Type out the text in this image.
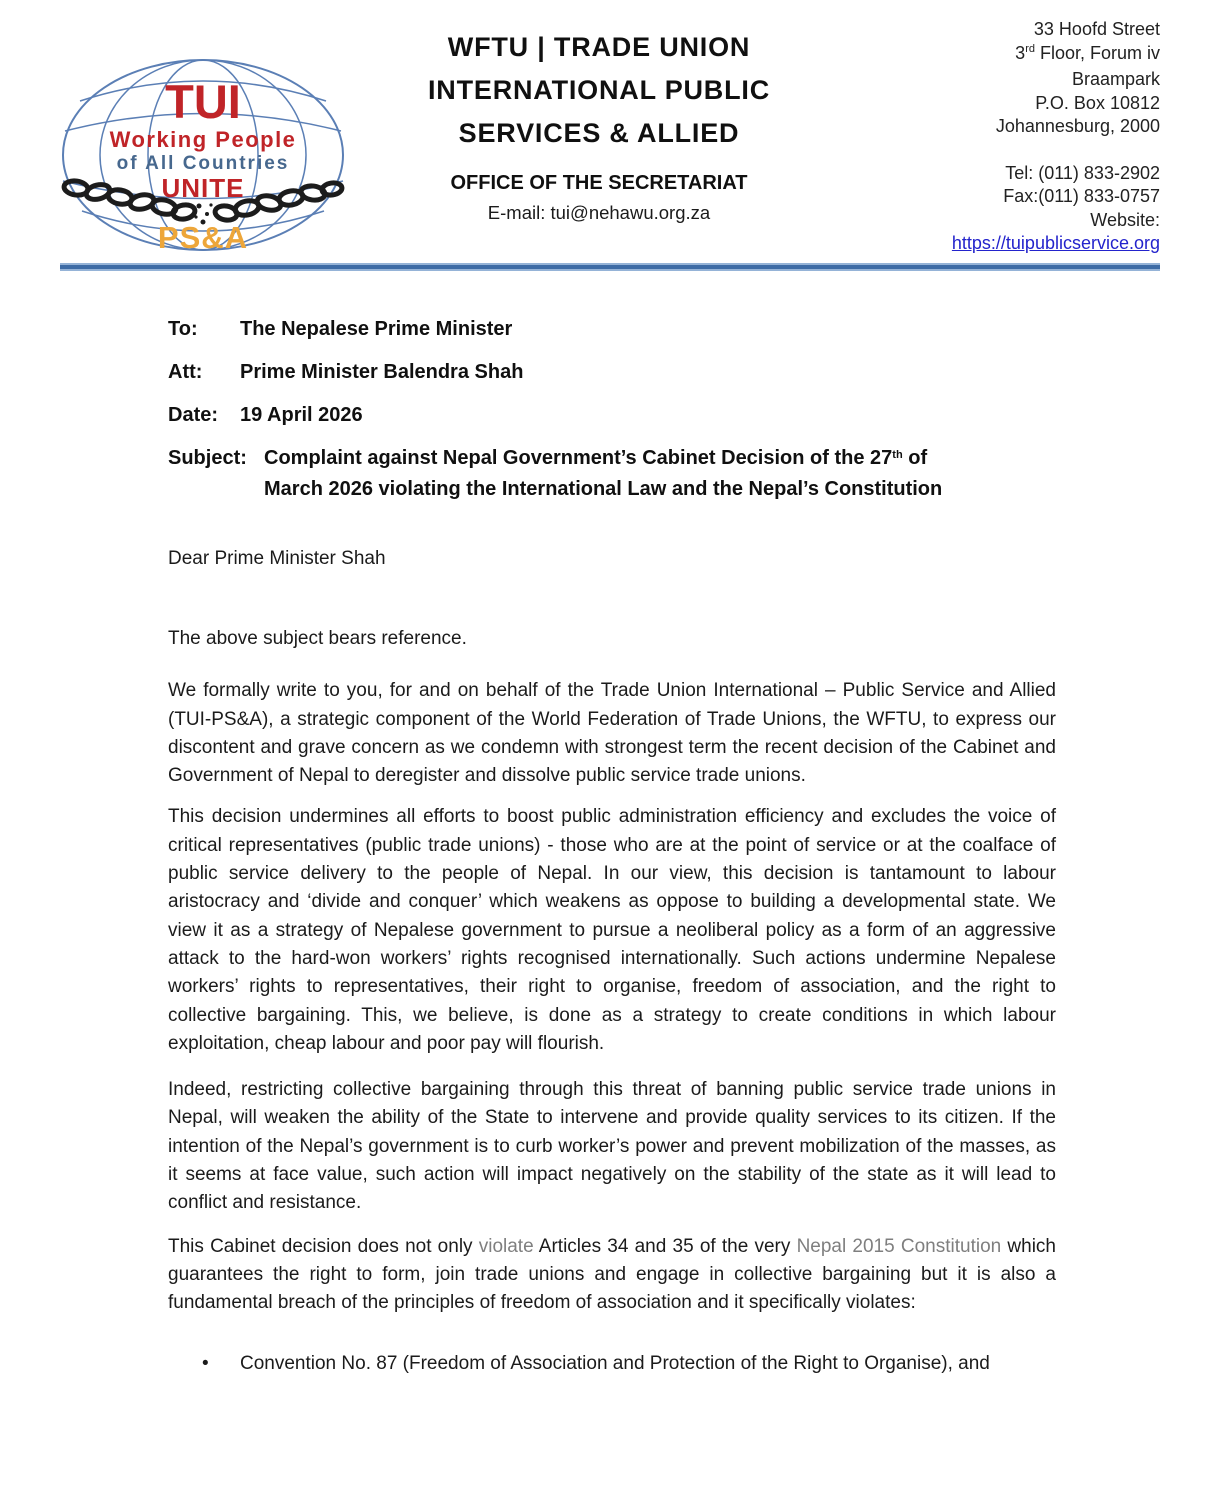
TUI
Working People
of All Countries
UNITE
PS&A
WFTU | TRADE UNION
INTERNATIONAL PUBLIC
SERVICES & ALLIED
OFFICE OF THE SECRETARIAT
E-mail: tui@nehawu.org.za
33 Hoofd Street
3rd Floor, Forum iv
Braampark
P.O. Box 10812
Johannesburg, 2000
Tel: (011) 833-2902
Fax:(011) 833-0757
Website:
https://tuipublicservice.org
To:	The Nepalese Prime Minister
Att:	Prime Minister Balendra Shah
Date:	19 April 2026
Subject: Complaint against Nepal Government’s Cabinet Decision of the 27th of
March 2026 violating the International Law and the Nepal’s Constitution
Dear Prime Minister Shah

The above subject bears reference.

We formally write to you, for and on behalf of the Trade Union International – Public Service and Allied (TUI-PS&A), a strategic component of the World Federation of Trade Unions, the WFTU, to express our discontent and grave concern as we condemn with strongest term the recent decision of the Cabinet and Government of Nepal to deregister and dissolve public service trade unions.

This decision undermines all efforts to boost public administration efficiency and excludes the voice of critical representatives (public trade unions) - those who are at the point of service or at the coalface of public service delivery to the people of Nepal. In our view, this decision is tantamount to labour aristocracy and ‘divide and conquer’ which weakens as oppose to building a developmental state. We view it as a strategy of Nepalese government to pursue a neoliberal policy as a form of an aggressive attack to the hard-won workers’ rights recognised internationally. Such actions undermine Nepalese workers’ rights to representatives, their right to organise, freedom of association, and the right to collective bargaining. This, we believe, is done as a strategy to create conditions in which labour exploitation, cheap labour and poor pay will flourish.

Indeed, restricting collective bargaining through this threat of banning public service trade unions in Nepal, will weaken the ability of the State to intervene and provide quality services to its citizen. If the intention of the Nepal’s government is to curb worker’s power and prevent mobilization of the masses, as it seems at face value, such action will impact negatively on the stability of the state as it will lead to conflict and resistance.

This Cabinet decision does not only violate Articles 34 and 35 of the very Nepal 2015 Constitution which guarantees the right to form, join trade unions and engage in collective bargaining but it is also a fundamental breach of the principles of freedom of association and it specifically violates:

•	Convention No. 87 (Freedom of Association and Protection of the Right to Organise), and
